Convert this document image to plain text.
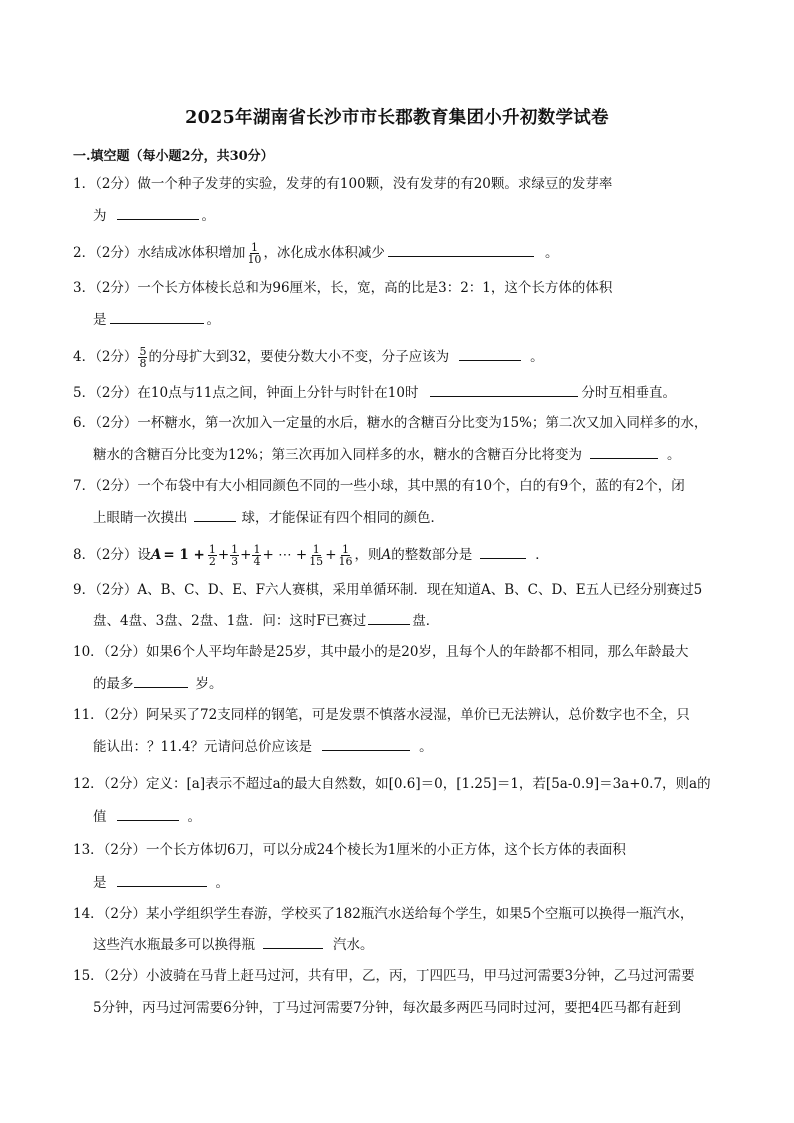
2025年湖南省长沙市市长郡教育集团小升初数学试卷
一.填空题（每小题2分，共30分）
1．（2分）做一个种子发芽的实验，发芽的有100颗，没有发芽的有20颗。求绿豆的发芽率
为	。
2．（2分）水结成冰体积增加 $\frac{1}{10}$ ，冰化成水体积减少	。
3．（2分）一个长方体棱长总和为96厘米，长，宽，高的比是3：2：1，这个长方体的体积
是	。
4．（2分） $\frac{5}{8}$ 的分母扩大到32，要使分数大小不变，分子应该为	。
5．（2分）在10点与11点之间，钟面上分针与时针在10时	分时互相垂直。
6．（2分）一杯糖水，第一次加入一定量的水后，糖水的含糖百分比变为15%；第二次又加入同样多的水，
糖水的含糖百分比变为12%；第三次再加入同样多的水，糖水的含糖百分比将变为	。
7．（2分）一个布袋中有大小相同颜色不同的一些小球，其中黑的有10个，白的有9个，蓝的有2个，闭
上眼睛一次摸出	球，才能保证有四个相同的颜色．
8．（2分）设$A = 1 + \frac{1}{2} + \frac{1}{3} + \frac{1}{4}$ + ⋯ + $\frac{1}{15} + \frac{1}{16}$ ，则A的整数部分是	．
9．（2分）A、B、C、D、E、F六人赛棋，采用单循环制．现在知道A、B、C、D、E五人已经分别赛过5
盘、4盘、3盘、2盘、1盘．问：这时F已赛过	盘．
10．（2分）如果6个人平均年龄是25岁，其中最小的是20岁，且每个人的年龄都不相同，那么年龄最大
的最多	岁。
11．（2分）阿呆买了72支同样的钢笔，可是发票不慎落水浸湿，单价已无法辨认，总价数字也不全，只
能认出：？11.4？元请问总价应该是	。
12．（2分）定义：[a]表示不超过a的最大自然数，如[0.6]＝0，[1.25]＝1，若[5a-0.9]＝3a+0.7，则a的
值	。
13．（2分）一个长方体切6刀，可以分成24个棱长为1厘米的小正方体，这个长方体的表面积
是	。
14．（2分）某小学组织学生春游，学校买了182瓶汽水送给每个学生，如果5个空瓶可以换得一瓶汽水，
这些汽水瓶最多可以换得瓶	汽水。
15．（2分）小波骑在马背上赶马过河，共有甲，乙，丙，丁四匹马，甲马过河需要3分钟，乙马过河需要
5分钟，丙马过河需要6分钟，丁马过河需要7分钟，每次最多两匹马同时过河，要把4匹马都有赶到
